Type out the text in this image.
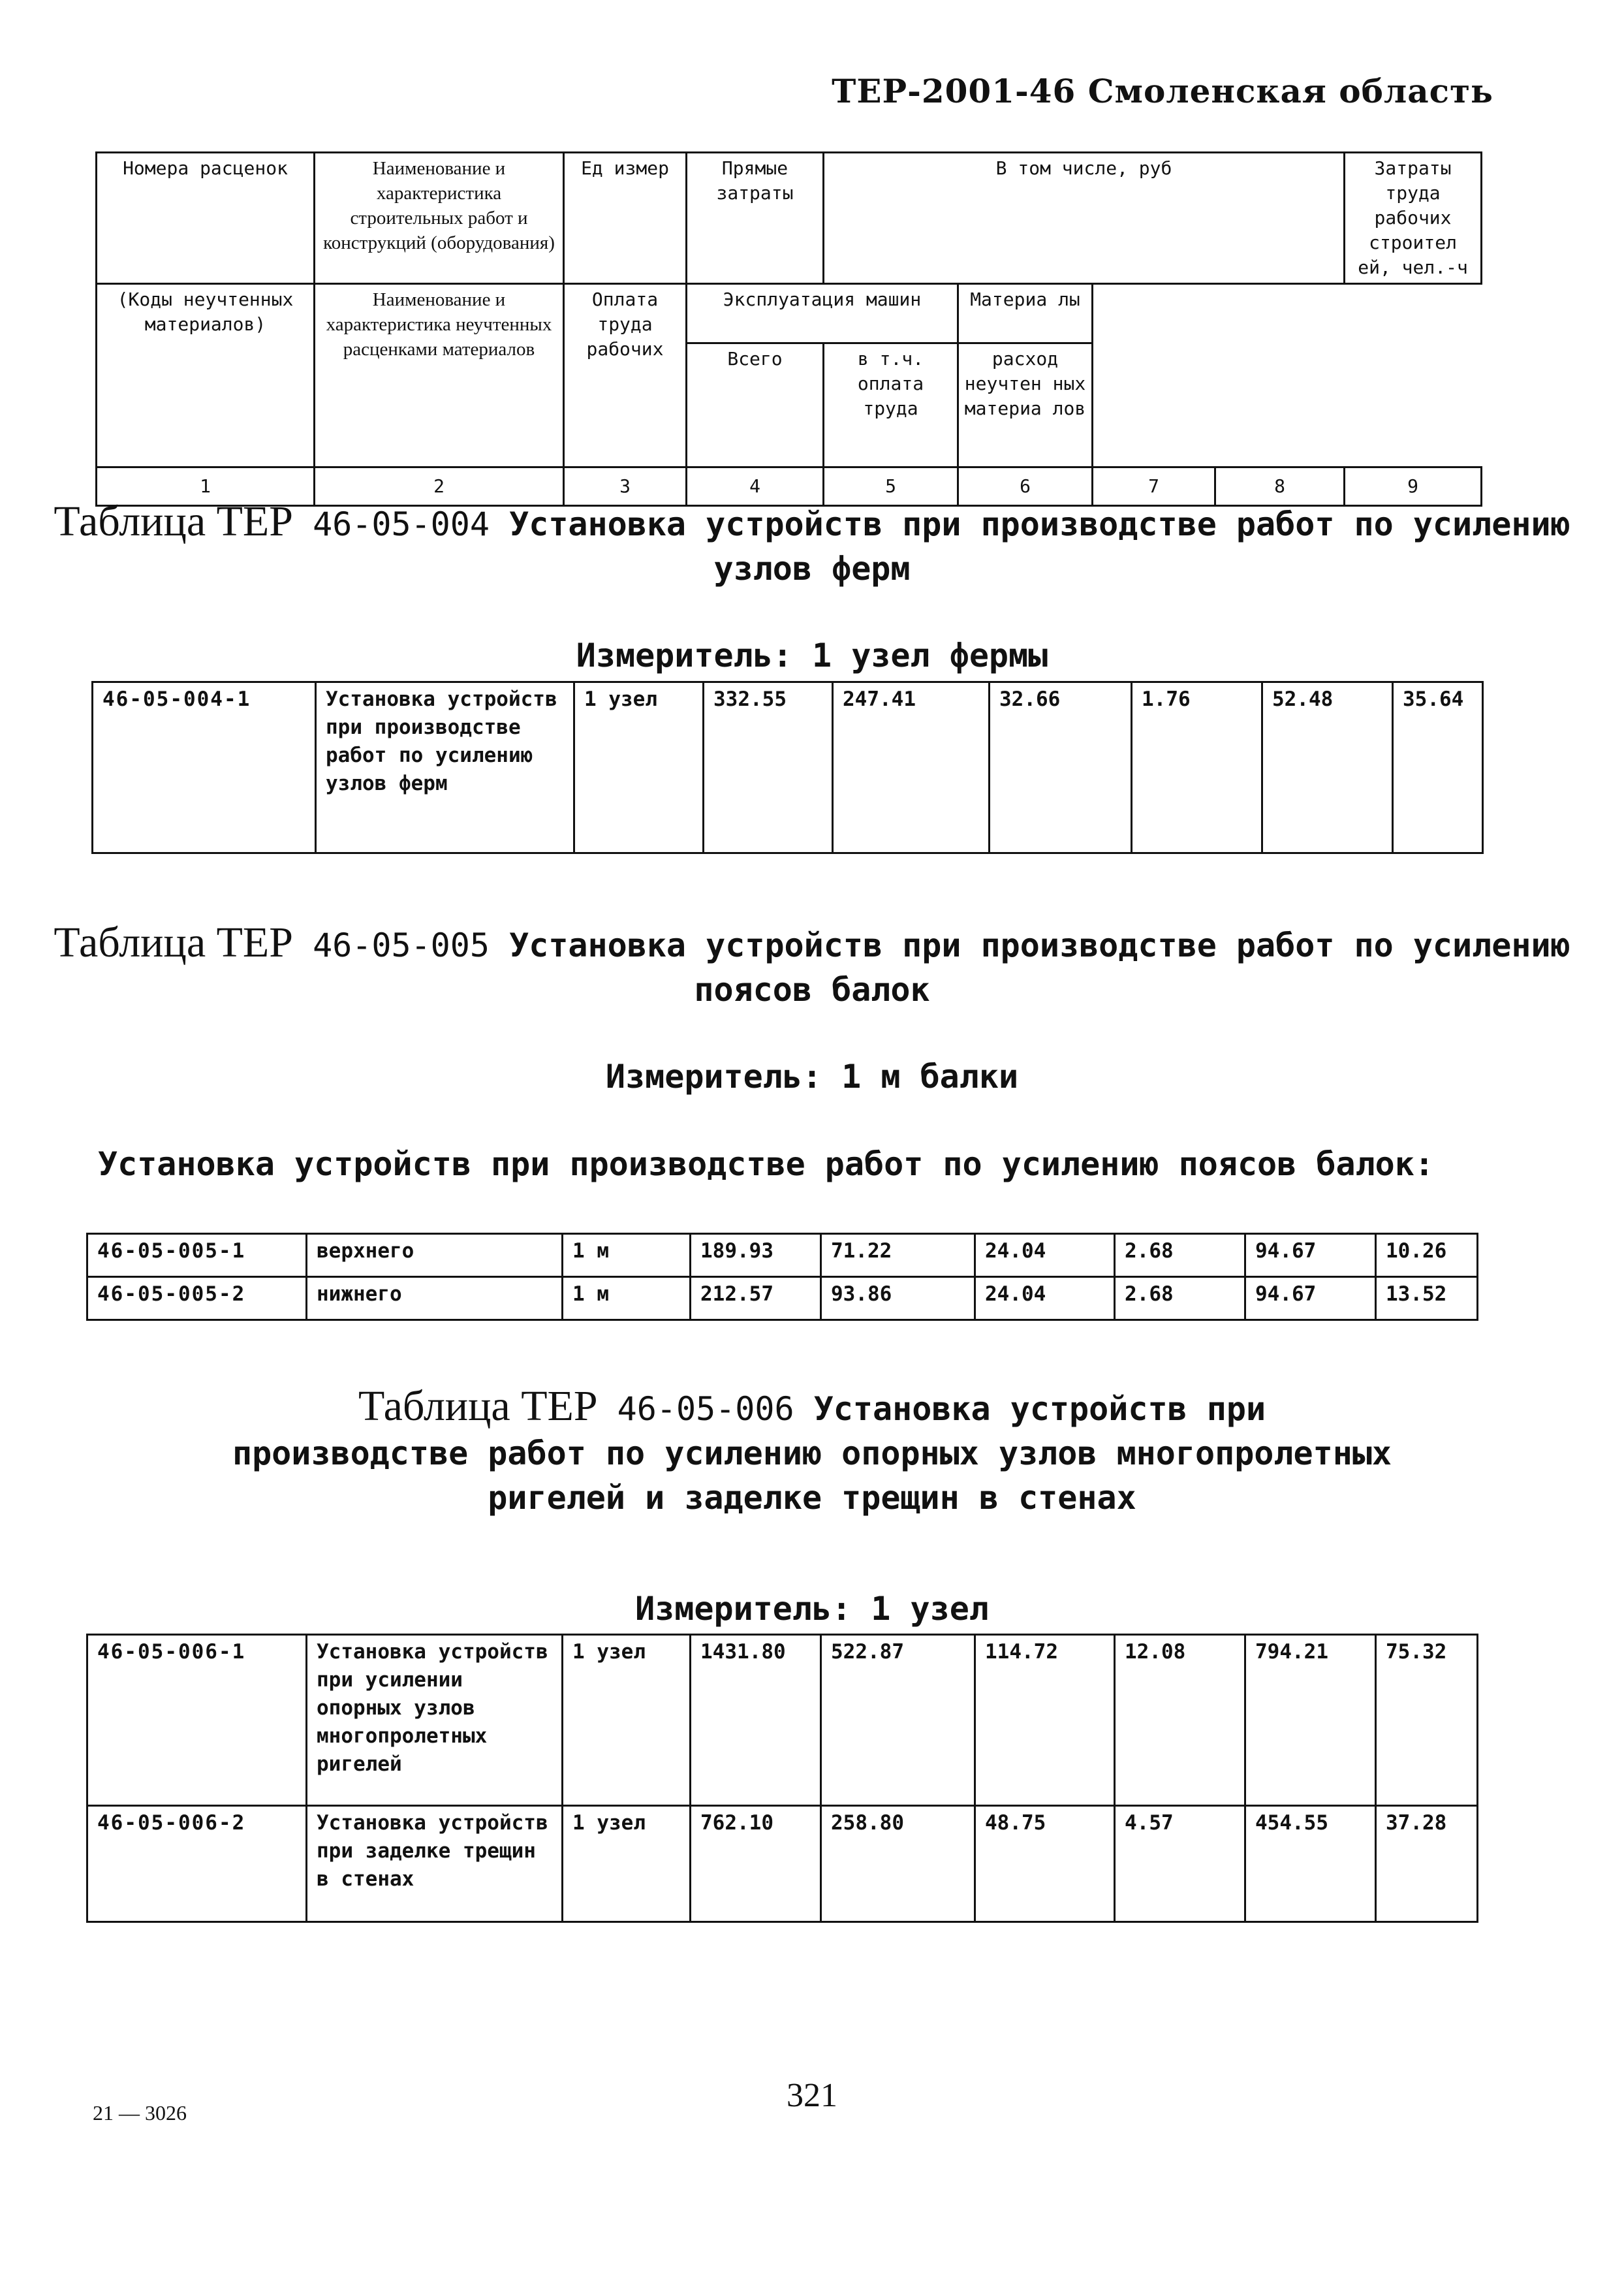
ТЕР-2001-46 Смоленская область
Номера расценок	Наименование и характеристика строительных работ и конструкций (оборудования)	Ед измер	Прямые затраты	В том числе, руб				Затраты труда рабочих строител ей, чел.-ч

(Коды неучтенных материалов)	Наименование и характеристика неучтенных расценками материалов	Оплата труда рабочих	Эксплуатация машин		Материа лы			
			Всего	в т.ч. оплата труда	расход неучтен ных материа лов			
1	2	3	4	5	6	7	8	9
Таблица ТЕР 46-05-004 Установка устройств при производстве работ по усилению узлов ферм
Измеритель: 1 узел фермы
46-05-004-1	Установка устройств при производстве работ по усилению узлов ферм	1 узел	332.55	247.41	32.66	1.76	52.48	35.64
Таблица ТЕР 46-05-005 Установка устройств при производстве работ по усилению поясов балок
Измеритель: 1 м балки
Установка устройств при производстве работ по усилению поясов балок:
46-05-005-1	верхнего	1 м	189.93	71.22	24.04	2.68	94.67	10.26
46-05-005-2	нижнего	1 м	212.57	93.86	24.04	2.68	94.67	13.52
Таблица ТЕР 46-05-006 Установка устройств при
производстве работ по усилению опорных узлов многопролетных
ригелей и заделке трещин в стенах
Измеритель: 1 узел
46-05-006-1	Установка устройств при усилении опорных узлов многопролетных ригелей	1 узел	1431.80	522.87	114.72	12.08	794.21	75.32
46-05-006-2	Установка устройств при заделке трещин в стенах	1 узел	762.10	258.80	48.75	4.57	454.55	37.28
21 — 3026	321
